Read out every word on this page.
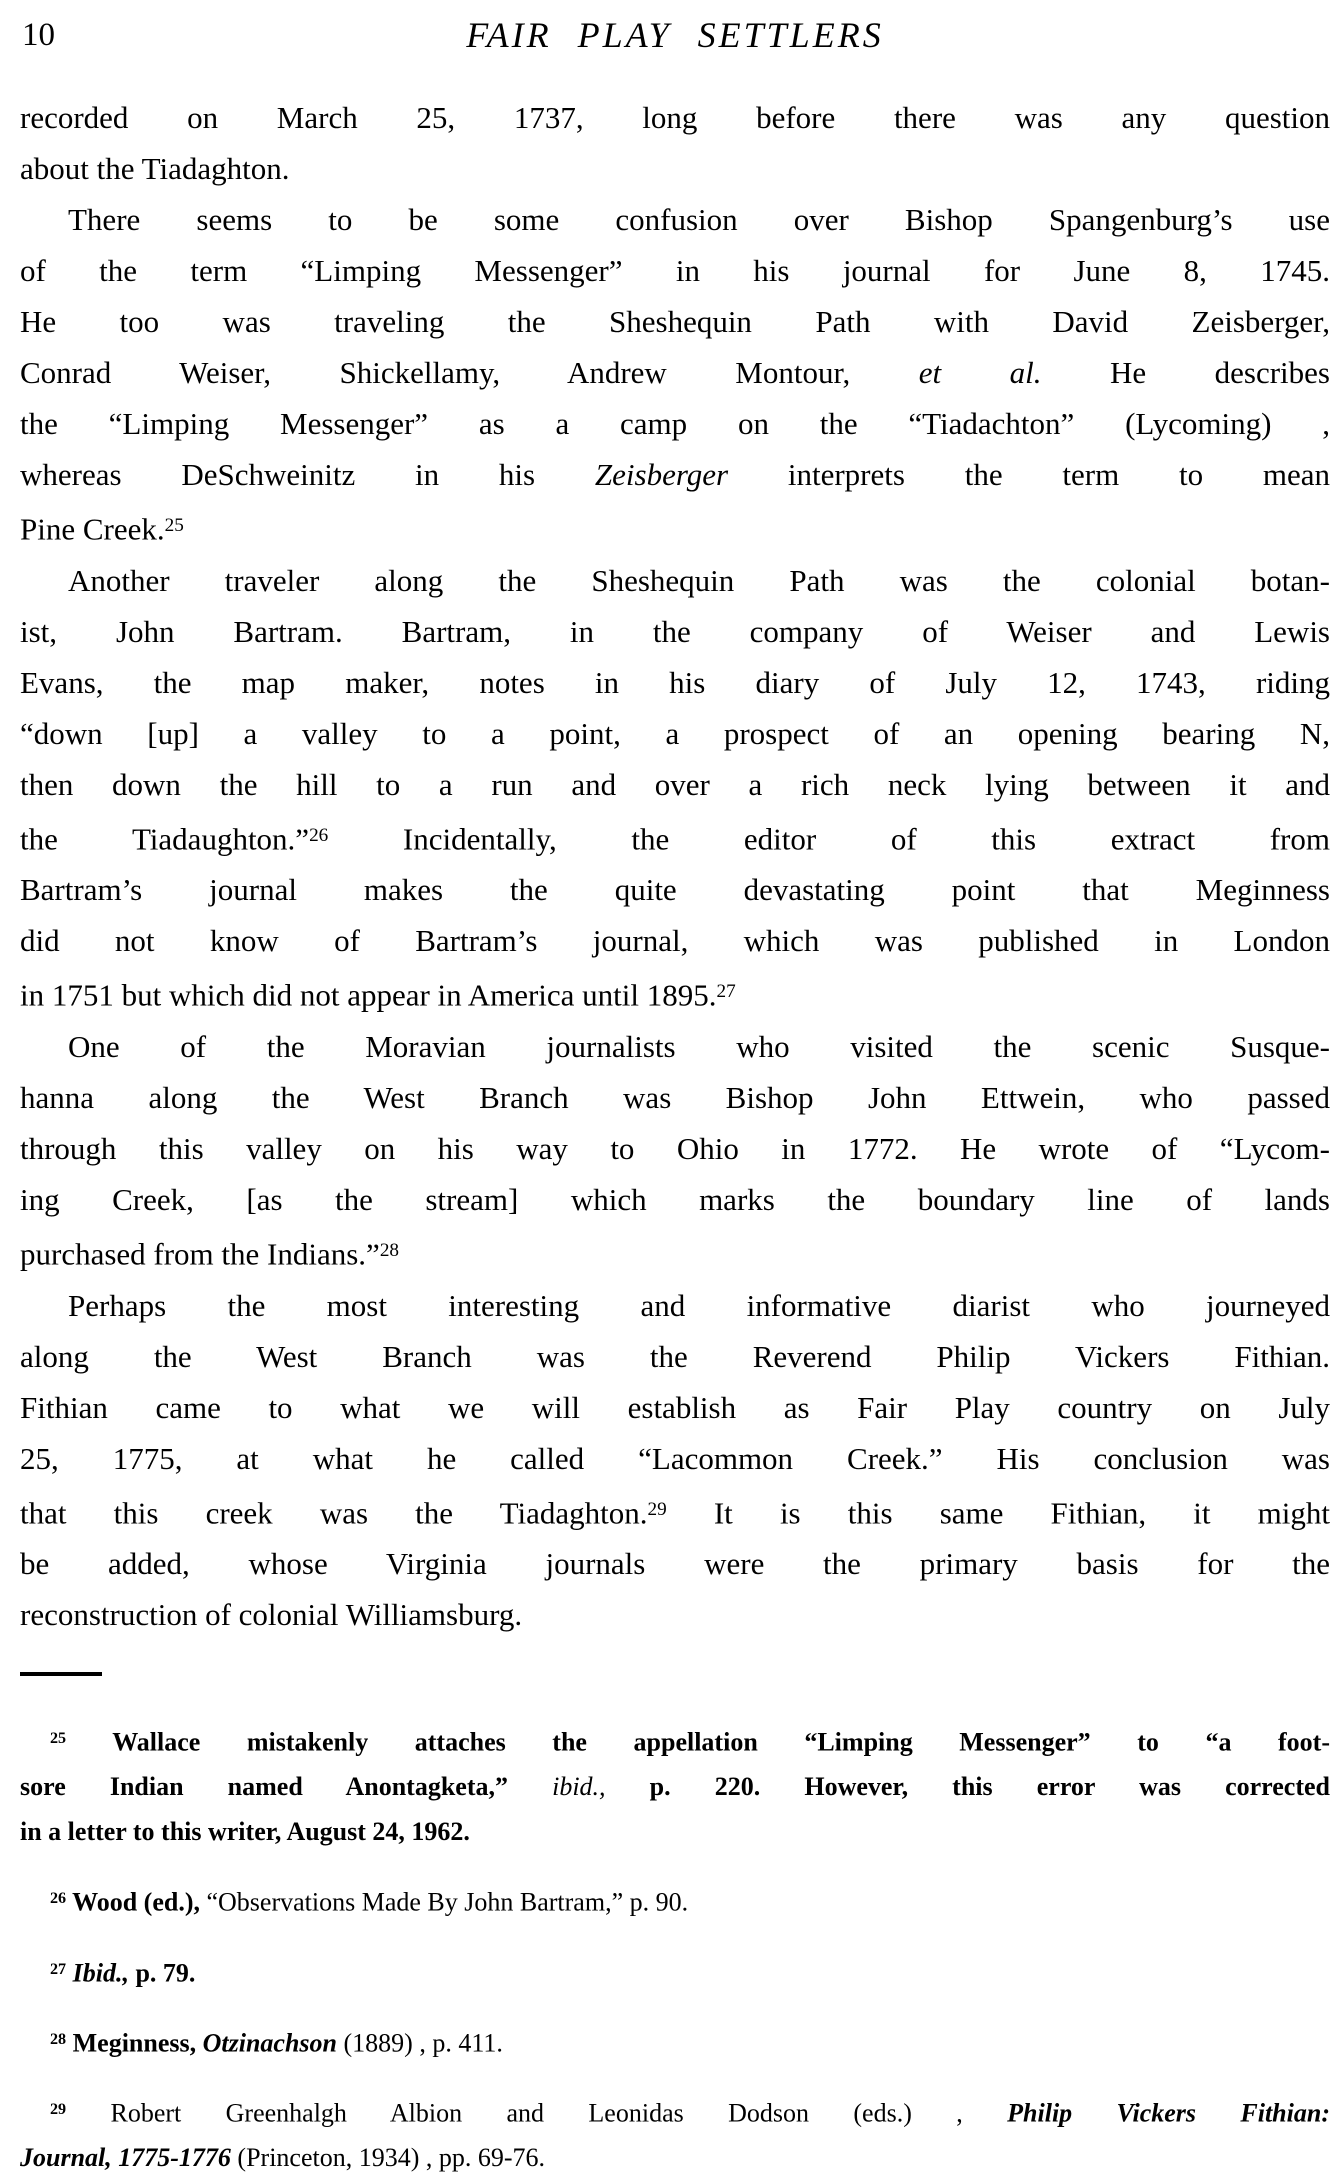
10	FAIR PLAY SETTLERS
recorded on March 25, 1737, long before there was any question
about the Tiadaghton.
There seems to be some confusion over Bishop Spangenburg’s use
of the term “Limping Messenger” in his journal for June 8, 1745.
He too was traveling the Sheshequin Path with David Zeisberger,
Conrad Weiser, Shickellamy, Andrew Montour, et al. He describes
the “Limping Messenger” as a camp on the “Tiadachton” (Lycoming) ,
whereas DeSchweinitz in his Zeisberger interprets the term to mean
Pine Creek.$^{25}$
Another traveler along the Sheshequin Path was the colonial botan-
ist, John Bartram. Bartram, in the company of Weiser and Lewis
Evans, the map maker, notes in his diary of July 12, 1743, riding
“down [up] a valley to a point, a prospect of an opening bearing N,
then down the hill to a run and over a rich neck lying between it and
the Tiadaughton.”$^{26}$ Incidentally, the editor of this extract from
Bartram’s journal makes the quite devastating point that Meginness
did not know of Bartram’s journal, which was published in London
in 1751 but which did not appear in America until 1895.27
One of the Moravian journalists who visited the scenic Susque-
hanna along the West Branch was Bishop John Ettwein, who passed
through this valley on his way to Ohio in 1772. He wrote of “Lycom-
ing Creek, [as the stream] which marks the boundary line of lands
purchased from the Indians.”$^{28}$
Perhaps the most interesting and informative diarist who journeyed
along the West Branch was the Reverend Philip Vickers Fithian.
Fithian came to what we will establish as Fair Play country on July
25, 1775, at what he called “Lacommon Creek.” His conclusion was
that this creek was the Tiadaghton.$^{29}$ It is this same Fithian, it might
be added, whose Virginia journals were the primary basis for the
reconstruction of colonial Williamsburg.
$^{25}$ Wallace mistakenly attaches the appellation “Limping Messenger” to “a foot-
sore Indian named Anontagketa,” ibid., p. 220. However, this error was corrected
in a letter to this writer, August 24, 1962.
$^{26}$ Wood (ed.), “Observations Made By John Bartram,” p. 90.
$^{27}$ Ibid., p. 79.
$^{28}$ Meginness, Otzinachson (1889) , p. 411.
$^{29}$ Robert Greenhalgh Albion and Leonidas Dodson (eds.) , Philip Vickers Fithian:
Journal, 1775-1776 (Princeton, 1934) , pp. 69-76.
